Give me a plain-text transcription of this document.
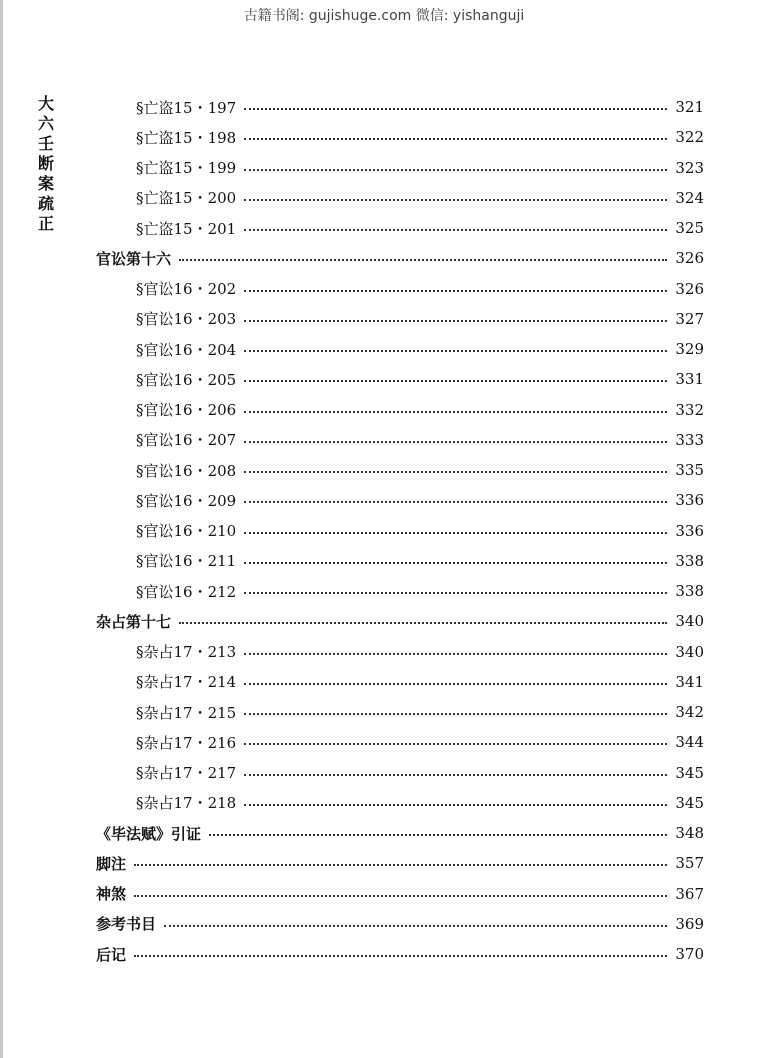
古籍书阁: gujishuge.com 微信: yishanguji
大六壬断案疏正
§亡盗15・197	321
§亡盗15・198	322
§亡盗15・199	323
§亡盗15・200	324
§亡盗15・201	325
官讼第十六	326
§官讼16・202	326
§官讼16・203	327
§官讼16・204	329
§官讼16・205	331
§官讼16・206	332
§官讼16・207	333
§官讼16・208	335
§官讼16・209	336
§官讼16・210	336
§官讼16・211	338
§官讼16・212	338
杂占第十七	340
§杂占17・213	340
§杂占17・214	341
§杂占17・215	342
§杂占17・216	344
§杂占17・217	345
§杂占17・218	345
《毕法赋》引证	348
脚注	357
神煞	367
参考书目	369
后记	370
